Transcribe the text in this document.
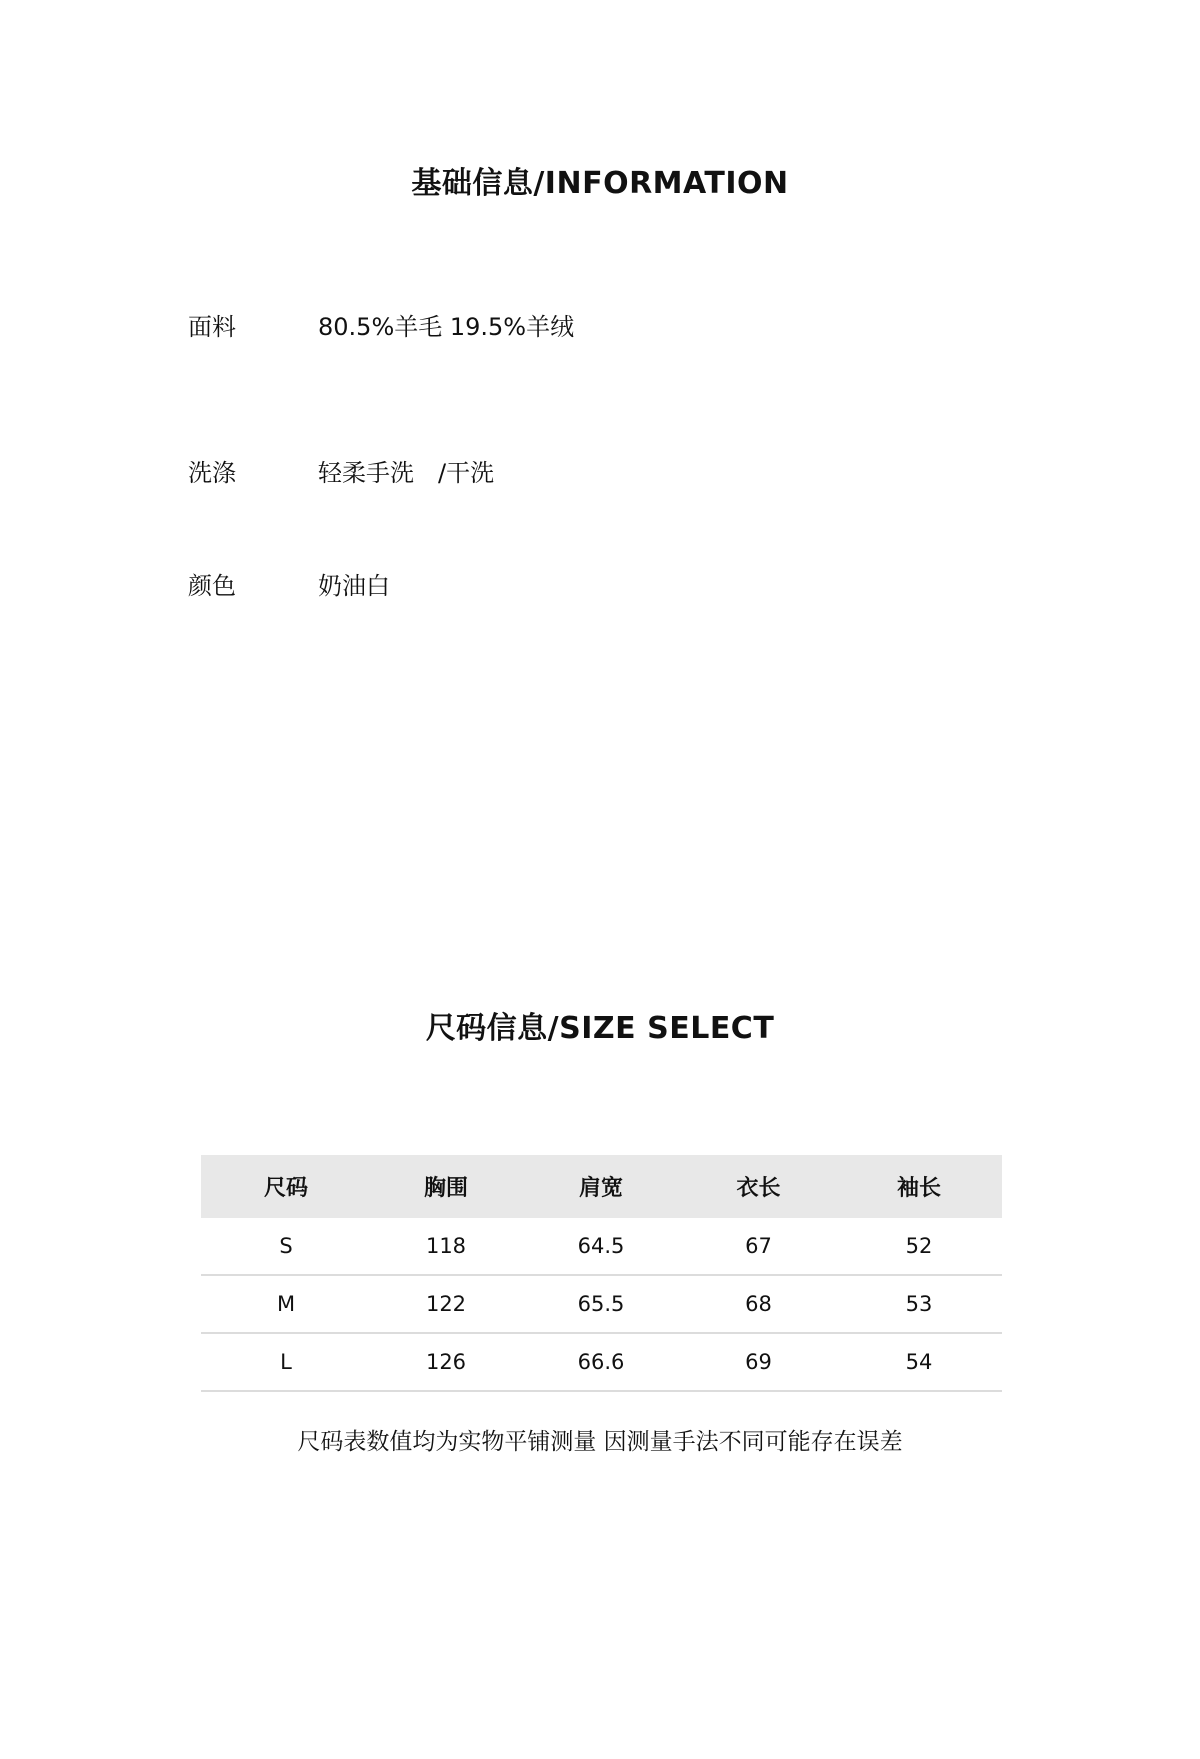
基础信息/INFORMATION
面料	80.5%羊毛 19.5%羊绒
洗涤	轻柔手洗　/干洗
颜色	奶油白
尺码信息/SIZE SELECT
尺码	胸围	肩宽	衣长	袖长
S	118	64.5	67	52
M	122	65.5	68	53
L	126	66.6	69	54
尺码表数值均为实物平铺测量 因测量手法不同可能存在误差
